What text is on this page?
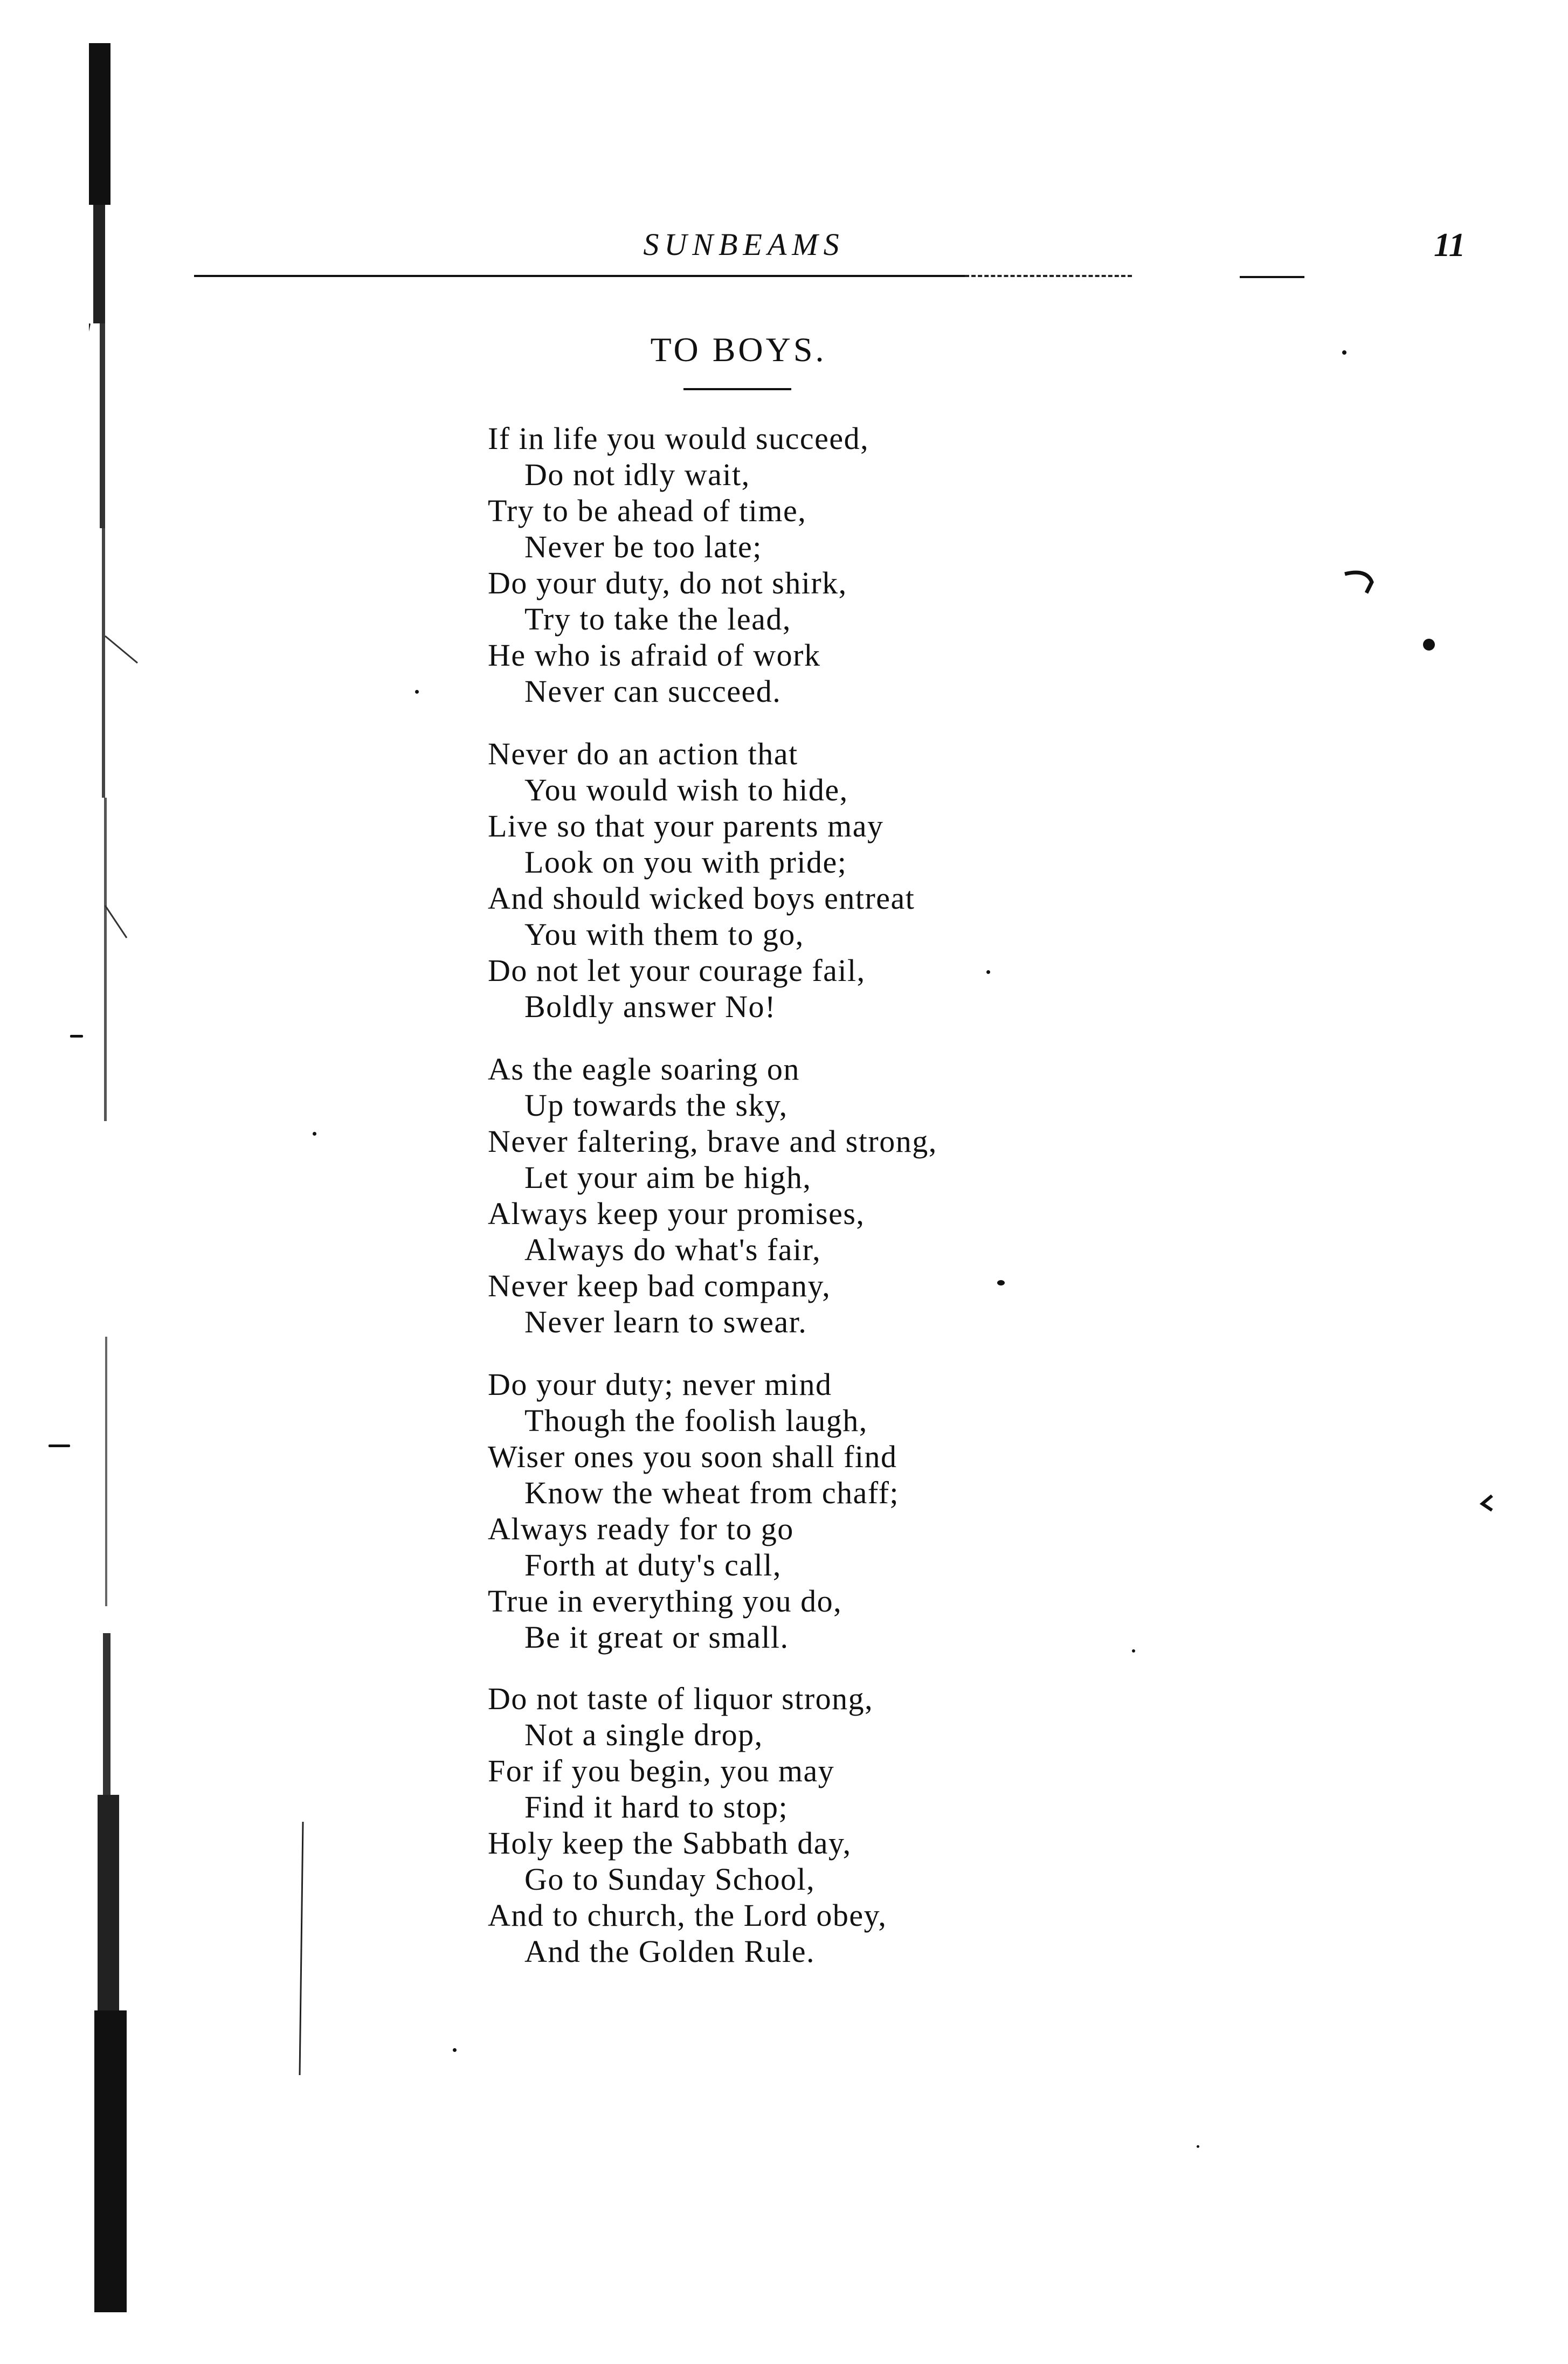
SUNBEAMS	11
TO BOYS.
If in life you would succeed,
Do not idly wait,
Try to be ahead of time,
Never be too late;
Do your duty, do not shirk,
Try to take the lead,
He who is afraid of work
Never can succeed.
Never do an action that
You would wish to hide,
Live so that your parents may
Look on you with pride;
And should wicked boys entreat
You with them to go,
Do not let your courage fail,
Boldly answer No!
As the eagle soaring on
Up towards the sky,
Never faltering, brave and strong,
Let your aim be high,
Always keep your promises,
Always do what's fair,
Never keep bad company,
Never learn to swear.
Do your duty; never mind
Though the foolish laugh,
Wiser ones you soon shall find
Know the wheat from chaff;
Always ready for to go
Forth at duty's call,
True in everything you do,
Be it great or small.
Do not taste of liquor strong,
Not a single drop,
For if you begin, you may
Find it hard to stop;
Holy keep the Sabbath day,
Go to Sunday School,
And to church, the Lord obey,
And the Golden Rule.
